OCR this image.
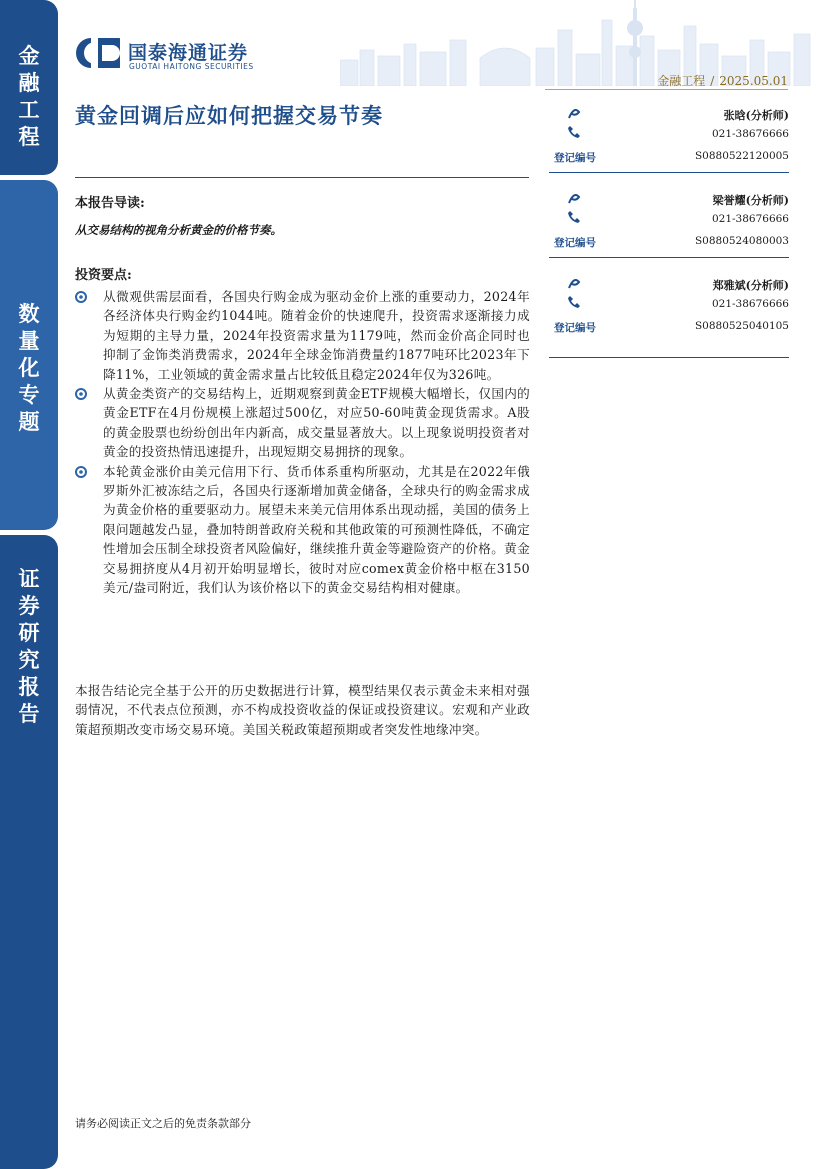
金
融
工
程
数
量
化
专
题
证
券
研
究
报
告
国泰海通证券
GUOTAI HAITONG SECURITIES
金融工程 / 2025.05.01
黄金回调后应如何把握交易节奏
本报告导读:
从交易结构的视角分析黄金的价格节奏。
投资要点:
从微观供需层面看，各国央行购金成为驱动金价上涨的重要动力，2024年各经济体央行购金约1044吨。随着金价的快速爬升，投资需求逐渐接力成为短期的主导力量，2024年投资需求量为1179吨，然而金价高企同时也抑制了金饰类消费需求，2024年全球金饰消费量约1877吨环比2023年下降11%，工业领域的黄金需求量占比较低且稳定2024年仅为326吨。
从黄金类资产的交易结构上，近期观察到黄金ETF规模大幅增长，仅国内的黄金ETF在4月份规模上涨超过500亿，对应50-60吨黄金现货需求。A股的黄金股票也纷纷创出年内新高，成交量显著放大。以上现象说明投资者对黄金的投资热情迅速提升，出现短期交易拥挤的现象。
本轮黄金涨价由美元信用下行、货币体系重构所驱动，尤其是在2022年俄罗斯外汇被冻结之后，各国央行逐渐增加黄金储备，全球央行的购金需求成为黄金价格的重要驱动力。展望未来美元信用体系出现动摇，美国的债务上限问题越发凸显，叠加特朗普政府关税和其他政策的可预测性降低，不确定性增加会压制全球投资者风险偏好，继续推升黄金等避险资产的价格。黄金交易拥挤度从4月初开始明显增长，彼时对应comex黄金价格中枢在3150美元/盎司附近，我们认为该价格以下的黄金交易结构相对健康。
本报告结论完全基于公开的历史数据进行计算，模型结果仅表示黄金未来相对强弱情况，不代表点位预测，亦不构成投资收益的保证或投资建议。宏观和产业政策超预期改变市场交易环境。美国关税政策超预期或者突发性地缘冲突。
张晗(分析师)
021-38676666
登记编号	S0880522120005
梁誉耀(分析师)
021-38676666
登记编号	S0880524080003
郑雅斌(分析师)
021-38676666
登记编号	S0880525040105
请务必阅读正文之后的免责条款部分
